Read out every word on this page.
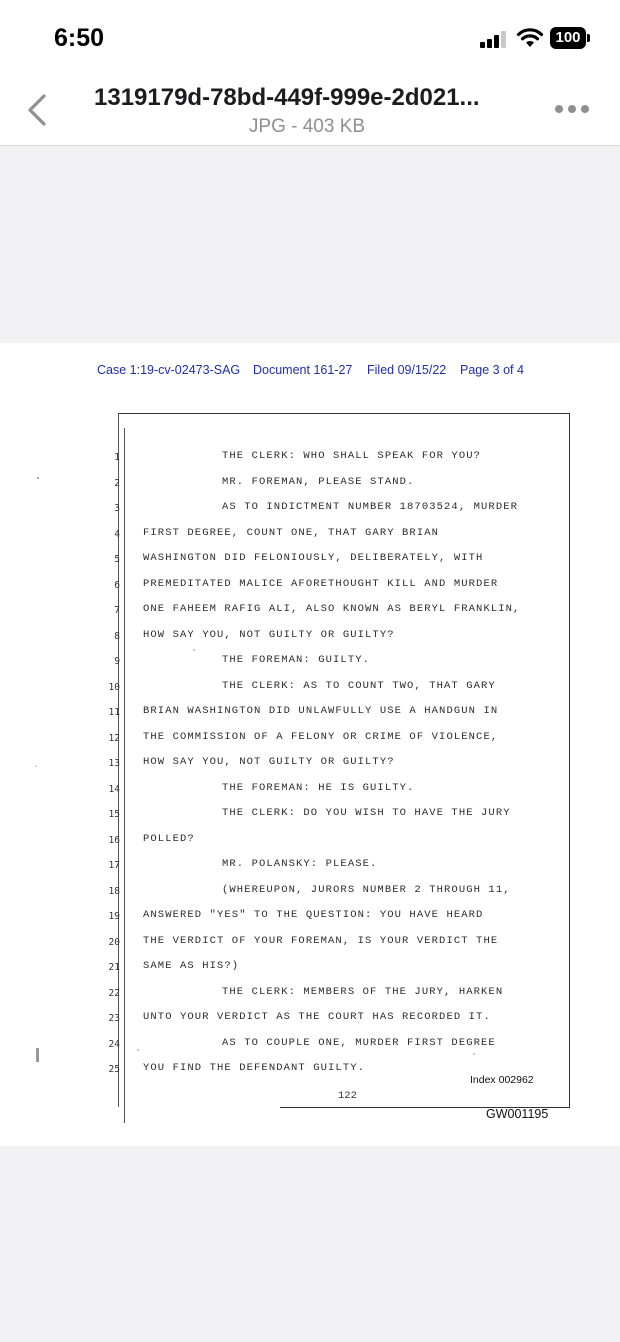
6:50	100
1319179d-78bd-449f-999e-2d021...
JPG - 403 KB
Case 1:19-cv-02473-SAG Document 161-27 Filed 09/15/22 Page 3 of 4
1	THE CLERK: WHO SHALL SPEAK FOR YOU?
2	MR. FOREMAN, PLEASE STAND.
3	AS TO INDICTMENT NUMBER 18703524, MURDER
4 FIRST DEGREE, COUNT ONE, THAT GARY BRIAN
5 WASHINGTON DID FELONIOUSLY, DELIBERATELY, WITH
6 PREMEDITATED MALICE AFORETHOUGHT KILL AND MURDER
7 ONE FAHEEM RAFIG ALI, ALSO KNOWN AS BERYL FRANKLIN,
8 HOW SAY YOU, NOT GUILTY OR GUILTY?
9	THE FOREMAN: GUILTY.
10	THE CLERK: AS TO COUNT TWO, THAT GARY
11 BRIAN WASHINGTON DID UNLAWFULLY USE A HANDGUN IN
12 THE COMMISSION OF A FELONY OR CRIME OF VIOLENCE,
13 HOW SAY YOU, NOT GUILTY OR GUILTY?
14	THE FOREMAN: HE IS GUILTY.
15	THE CLERK: DO YOU WISH TO HAVE THE JURY
16 POLLED?
17	MR. POLANSKY: PLEASE.
18	(WHEREUPON, JURORS NUMBER 2 THROUGH 11,
19 ANSWERED "YES" TO THE QUESTION: YOU HAVE HEARD
20 THE VERDICT OF YOUR FOREMAN, IS YOUR VERDICT THE
21 SAME AS HIS?)
22	THE CLERK: MEMBERS OF THE JURY, HARKEN
23 UNTO YOUR VERDICT AS THE COURT HAS RECORDED IT.
24	AS TO COUPLE ONE, MURDER FIRST DEGREE
25 YOU FIND THE DEFENDANT GUILTY.
Index 002962
122
GW001195
